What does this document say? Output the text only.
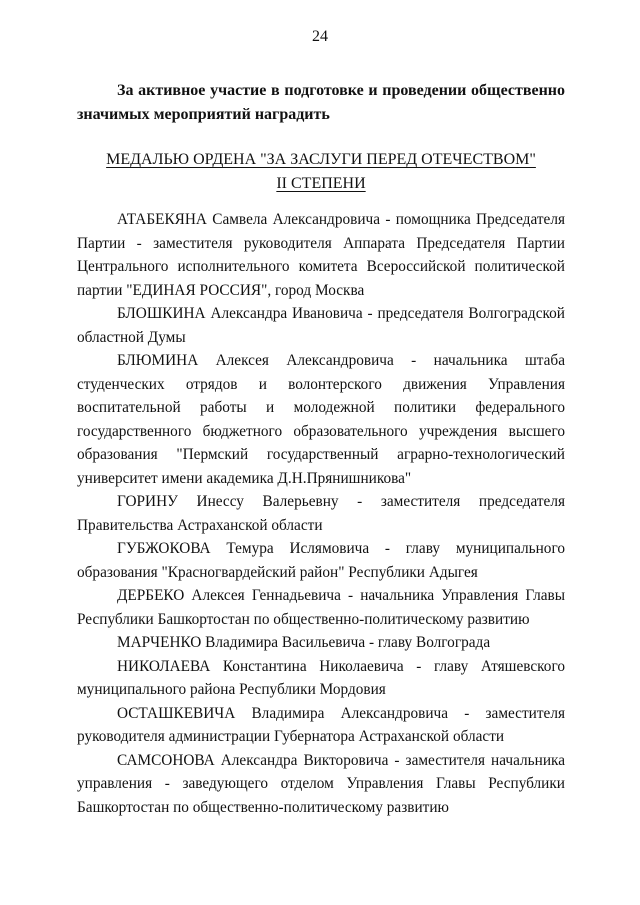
24
За активное участие в подготовке и проведении общественно значимых мероприятий наградить
МЕДАЛЬЮ ОРДЕНА "ЗА ЗАСЛУГИ ПЕРЕД ОТЕЧЕСТВОМ"
II СТЕПЕНИ

АТАБЕКЯНА Самвела Александровича - помощника Председателя Партии - заместителя руководителя Аппарата Председателя Партии Центрального исполнительного комитета Всероссийской политической партии "ЕДИНАЯ РОССИЯ", город Москва

БЛОШКИНА Александра Ивановича - председателя Волгоградской областной Думы

БЛЮМИНА Алексея Александровича - начальника штаба студенческих отрядов и волонтерского движения Управления воспитательной работы и молодежной политики федерального государственного бюджетного образовательного учреждения высшего образования "Пермский государственный аграрно-технологический университет имени академика Д.Н.Прянишникова"

ГОРИНУ Инессу Валерьевну - заместителя председателя Правительства Астраханской области

ГУБЖОКОВА Темура Ислямовича - главу муниципального образования "Красногвардейский район" Республики Адыгея

ДЕРБЕКО Алексея Геннадьевича - начальника Управления Главы Республики Башкортостан по общественно-политическому развитию

МАРЧЕНКО Владимира Васильевича - главу Волгограда

НИКОЛАЕВА Константина Николаевича - главу Атяшевского муниципального района Республики Мордовия

ОСТАШКЕВИЧА Владимира Александровича - заместителя руководителя администрации Губернатора Астраханской области

САМСОНОВА Александра Викторовича - заместителя начальника управления - заведующего отделом Управления Главы Республики Башкортостан по общественно-политическому развитию
